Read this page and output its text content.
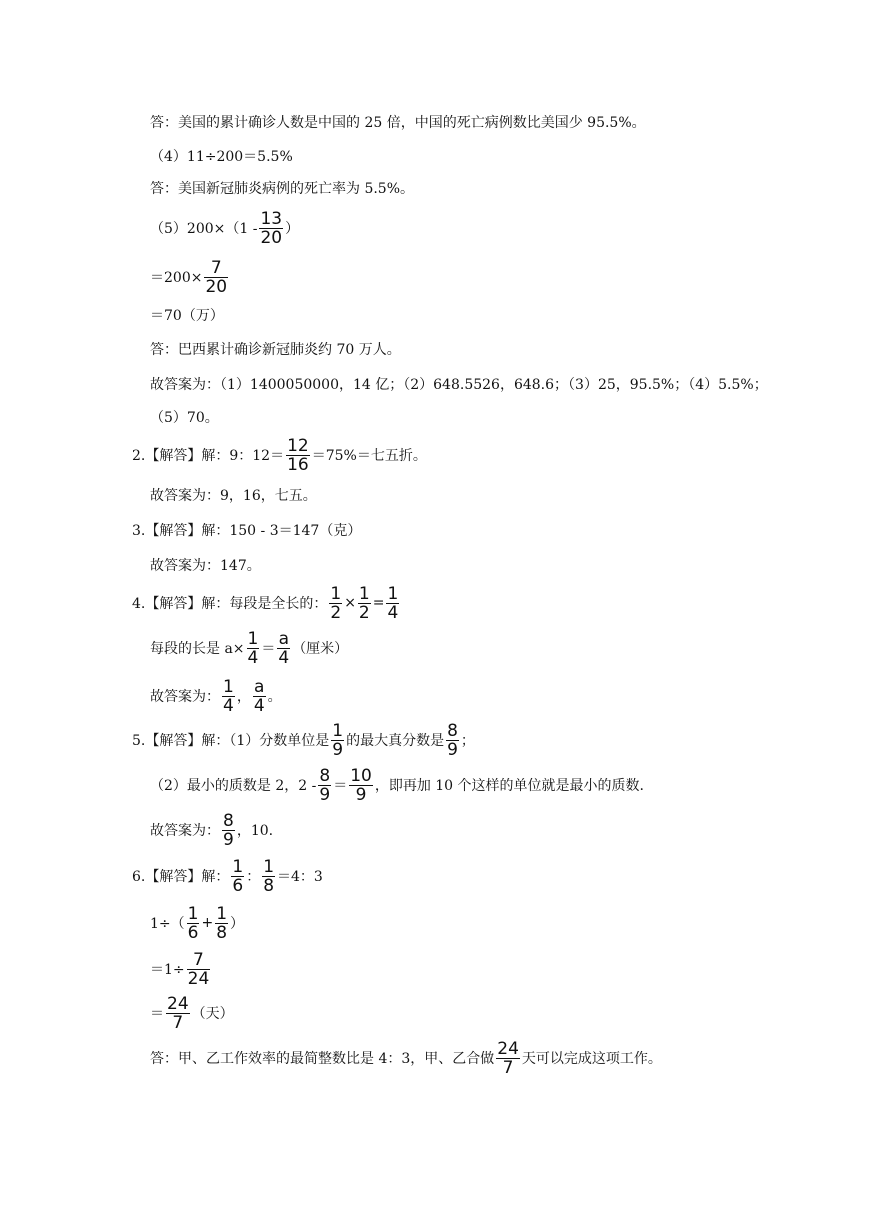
答：美国的累计确诊人数是中国的 25 倍，中国的死亡病例数比美国少 95.5%。
（4）11÷200＝5.5%
答：美国新冠肺炎病例的死亡率为 5.5%。
$(5)200\times(1 - \frac{13}{20}$ ）
$=200\times \frac{7}{20}$
＝70（万）
答：巴西累计确诊新冠肺炎约 70 万人。
故答案为：（1）1400050000，14 亿；（2）648.5526，648.6；（3）25，95.5%；（4）5.5%；
（5）70。
2.【解答】解：9：$12= \frac{12}{16} =75\%=$七五折。
故答案为：9，16，七五。
3.【解答】解：150 - 3＝147（克）
故答案为：147。
4.【解答】解：每段是全长的： $\frac{1}{2} \times \frac{1}{2} = \frac{1}{4}$
每段的长是 $a\times \frac{1}{4} = \frac{a}{4}$ （厘米）
故答案为： $\frac{1}{4}$ ， $\frac{a}{4}$ 。
5.【解答】解：（1）分数单位是 $\frac{1}{9}$ 的最大真分数是 $\frac{8}{9}$ ；
（2）最小的质数是 2，$2 - \frac{8}{9} = \frac{10}{9}$ ，即再加 10 个这样的单位就是最小的质数.
故答案为： $\frac{8}{9}$ ，10.
6.【解答】解： $\frac{1}{6}$ ： $\frac{1}{8} =4$：3
$1\div( \frac{1}{6} + \frac{1}{8}$ ）
$=1\div \frac{7}{24}$
＝ $\frac{24}{7}$ （天）
答：甲、乙工作效率的最简整数比是 4：3，甲、乙合做 $\frac{24}{7}$ 天可以完成这项工作。
